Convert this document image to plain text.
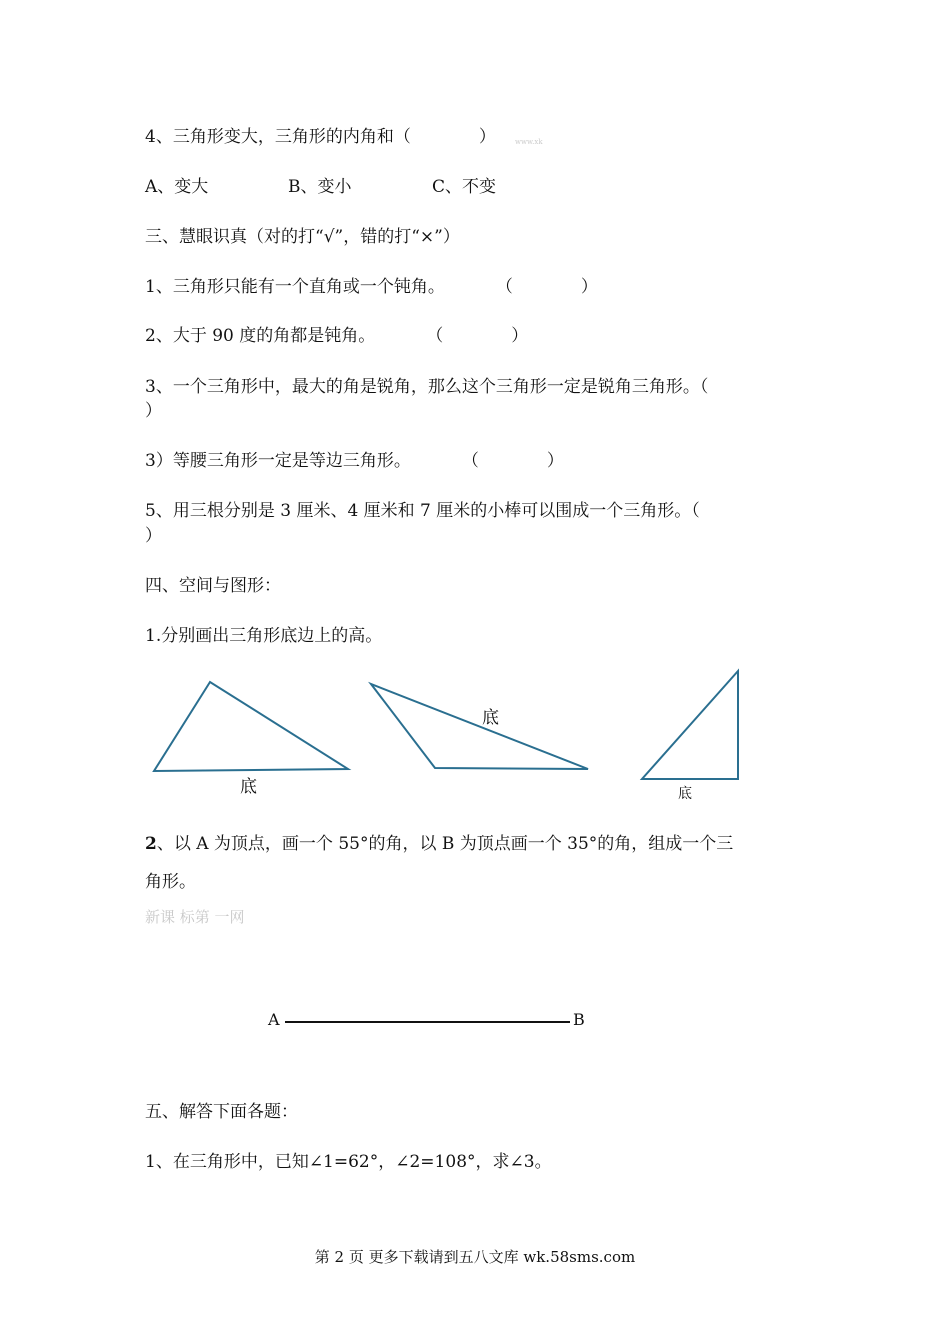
4、三角形变大，三角形的内角和（　　　　）	www.xk
A、变大	B、变小	C、不变
三、慧眼识真（对的打“√”，错的打“×”）
1、三角形只能有一个直角或一个钝角。　　　　（　　　　）
2、大于 90 度的角都是钝角。　　　　（　　　　）
3、一个三角形中，最大的角是锐角，那么这个三角形一定是锐角三角形。（
）
3）等腰三角形一定是等边三角形。　　　　（　　　　）
5、用三根分别是 3 厘米、4 厘米和 7 厘米的小棒可以围成一个三角形。（
）
四、空间与图形：
1.分别画出三角形底边上的高。
底
底
底
2、以 A 为顶点，画一个 55°的角，以 B 为顶点画一个 35°的角，组成一个三
角形。
新课 标第 一网
A	B
五、解答下面各题：
1、在三角形中，已知∠1=62°，∠2=108°，求∠3。
第 2 页 更多下载请到五八文库 wk.58sms.com
